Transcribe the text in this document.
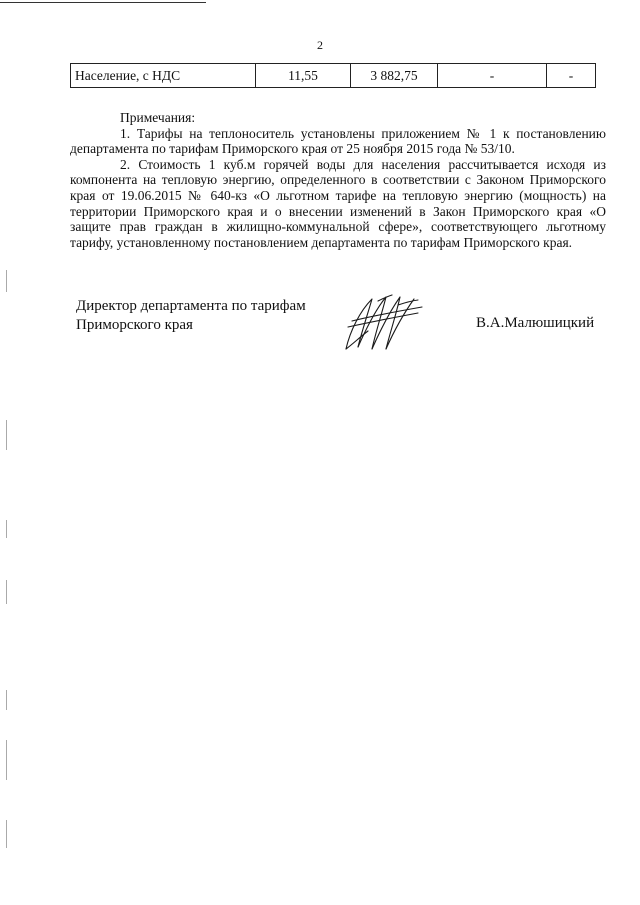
2
Население, с НДС	11,55	3 882,75	-	-
Примечания:

1. Тарифы на теплоноситель установлены приложением № 1 к постановлению департамента по тарифам Приморского края от 25 ноября 2015 года № 53/10.

2. Стоимость 1 куб.м горячей воды для населения рассчитывается исходя из компонента на тепловую энергию, определенного в соответствии с Законом Приморского края от 19.06.2015 № 640-кз «О льготном тарифе на тепловую энергию (мощность) на территории Приморского края и о внесении изменений в Закон Приморского края «О защите прав граждан в жилищно-коммунальной сфере», соответствующего льготному тарифу, установленному постановлением департамента по тарифам Приморского края.

Директор департамента по тарифам
Приморского края	В.А.Малюшицкий
